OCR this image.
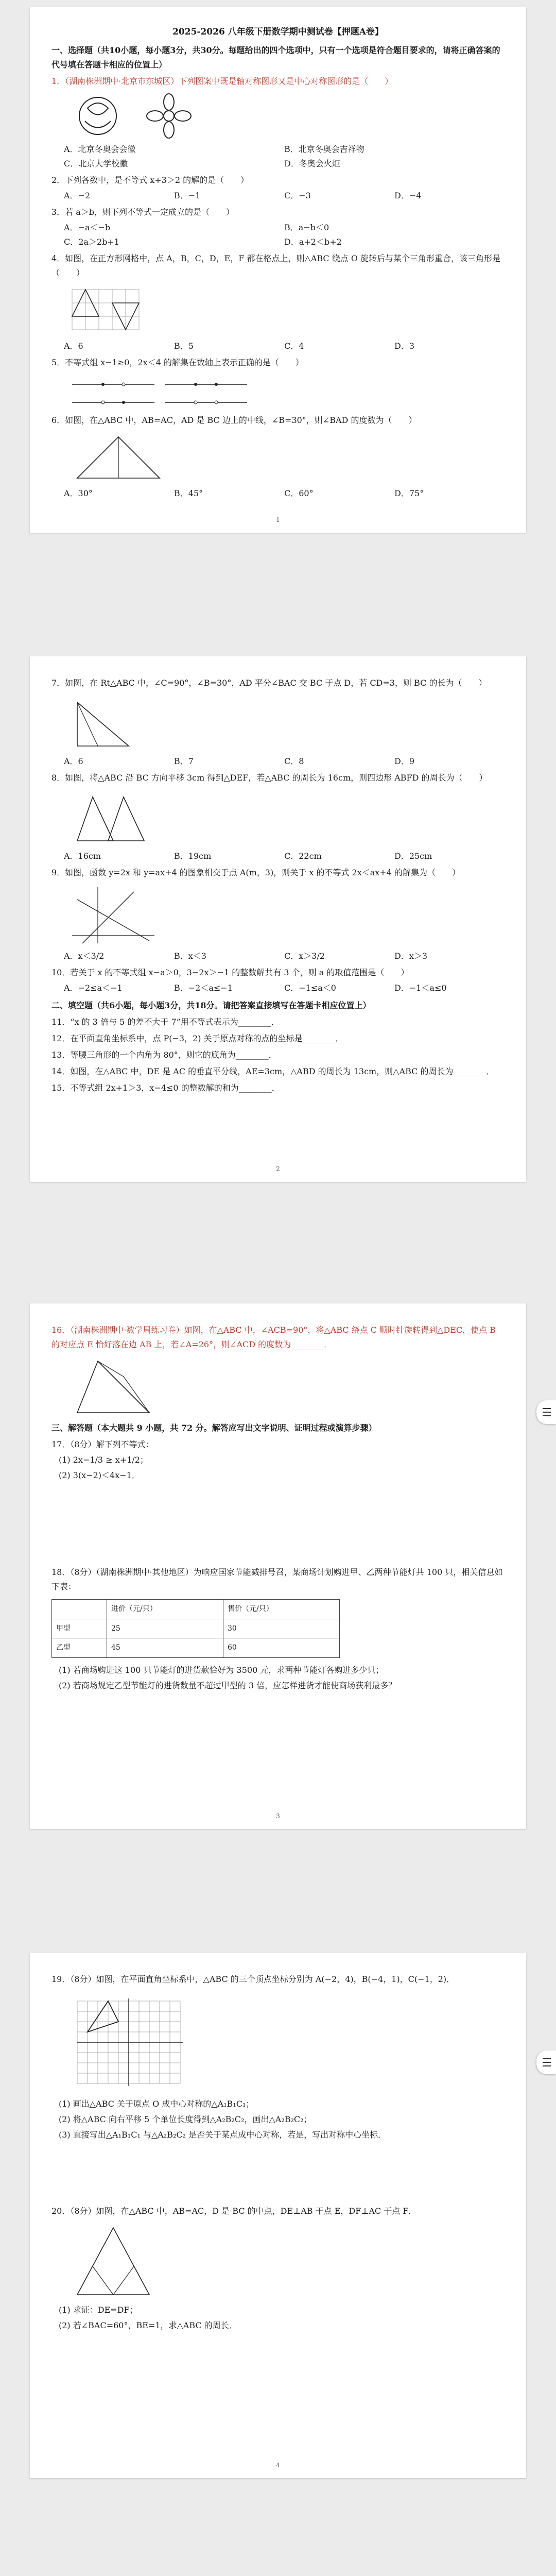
2025-2026 八年级下册数学期中测试卷【押题A卷】
一、选择题（共10小题，每小题3分，共30分。每题给出的四个选项中，只有一个选项是符合题目要求的，请将正确答案的代号填在答题卡相应的位置上）
1．（湖南株洲期中·北京市东城区）下列图案中既是轴对称图形又是中心对称图形的是（　　）
A．北京冬奥会会徽	B．北京冬奥会吉祥物
C．北京大学校徽	D．冬奥会火炬
2．下列各数中，是不等式 x+3＞2 的解的是（　　）
A．−2	B．−1	C．−3	D．−4
3．若 a＞b，则下列不等式一定成立的是（　　）
A．−a＜−b	B．a−b＜0
C．2a＞2b+1	D．a+2＜b+2
4．如图，在正方形网格中，点 A，B，C，D，E，F 都在格点上，则△ABC 绕点 O 旋转后与某个三角形重合，该三角形是（　　）
A．6	B．5	C．4	D．3
5．不等式组 x−1≥0，2x＜4 的解集在数轴上表示正确的是（　　）
6．如图，在△ABC 中，AB=AC，AD 是 BC 边上的中线，∠B=30°，则∠BAD 的度数为（　　）
A．30°	B．45°	C．60°	D．75°
1
7．如图，在 Rt△ABC 中，∠C=90°，∠B=30°，AD 平分∠BAC 交 BC 于点 D，若 CD=3，则 BC 的长为（　　）
A．6	B．7	C．8	D．9
8．如图，将△ABC 沿 BC 方向平移 3cm 得到△DEF，若△ABC 的周长为 16cm，则四边形 ABFD 的周长为（　　）
A．16cm	B．19cm	C．22cm	D．25cm
9．如图，函数 y=2x 和 y=ax+4 的图象相交于点 A(m，3)，则关于 x 的不等式 2x＜ax+4 的解集为（　　）
A．x＜3/2	B．x＜3	C．x＞3/2	D．x＞3
10．若关于 x 的不等式组 x−a＞0，3−2x＞−1 的整数解共有 3 个，则 a 的取值范围是（　　）
A．−2≤a＜−1	B．−2＜a≤−1	C．−1≤a＜0	D．−1＜a≤0
二、填空题（共6小题，每小题3分，共18分。请把答案直接填写在答题卡相应位置上）
11．“x 的 3 倍与 5 的差不大于 7”用不等式表示为________．
12．在平面直角坐标系中，点 P(−3，2) 关于原点对称的点的坐标是________．
13．等腰三角形的一个内角为 80°，则它的底角为________．
14．如图，在△ABC 中，DE 是 AC 的垂直平分线，AE=3cm，△ABD 的周长为 13cm，则△ABC 的周长为________．
15．不等式组 2x+1＞3，x−4≤0 的整数解的和为________．
2
16．（湖南株洲期中·数学周练习卷）如图，在△ABC 中，∠ACB=90°，将△ABC 绕点 C 顺时针旋转得到△DEC，使点 B 的对应点 E 恰好落在边 AB 上，若∠A=26°，则∠ACD 的度数为________．
三、解答题（本大题共 9 小题，共 72 分。解答应写出文字说明、证明过程或演算步骤）
17．（8分）解下列不等式：
(1) 2x−1/3 ≥ x+1/2；
(2) 3(x−2)＜4x−1．
18．（8分）（湖南株洲期中·其他地区）为响应国家节能减排号召，某商场计划购进甲、乙两种节能灯共 100 只，相关信息如下表：
	进价（元/只）	售价（元/只）
甲型	25	30
乙型	45	60
(1) 若商场购进这 100 只节能灯的进货款恰好为 3500 元，求两种节能灯各购进多少只；
(2) 若商场规定乙型节能灯的进货数量不超过甲型的 3 倍，应怎样进货才能使商场获利最多？
3
19．（8分）如图，在平面直角坐标系中，△ABC 的三个顶点坐标分别为 A(−2，4)，B(−4，1)，C(−1，2)．
(1) 画出△ABC 关于原点 O 成中心对称的△A₁B₁C₁；
(2) 将△ABC 向右平移 5 个单位长度得到△A₂B₂C₂，画出△A₂B₂C₂；
(3) 直接写出△A₁B₁C₁ 与△A₂B₂C₂ 是否关于某点成中心对称，若是，写出对称中心坐标．
20．（8分）如图，在△ABC 中，AB=AC，D 是 BC 的中点，DE⊥AB 于点 E，DF⊥AC 于点 F．
(1) 求证：DE=DF；
(2) 若∠BAC=60°，BE=1，求△ABC 的周长．
4
